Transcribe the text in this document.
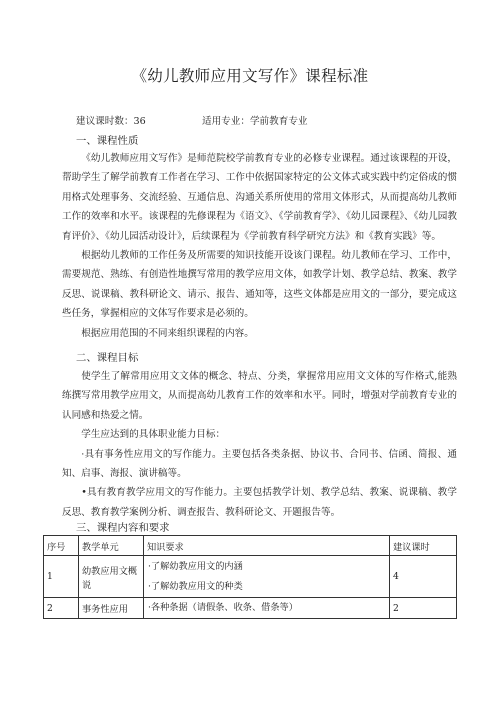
《幼儿教师应用文写作》课程标准
建议课时数：36	适用专业：学前教育专业
一、课程性质

《幼儿教师应用文写作》是师范院校学前教育专业的必修专业课程。通过该课程的开设，帮助学生了解学前教育工作者在学习、工作中依据国家特定的公文体式或实践中约定俗成的惯用格式处理事务、交流经验、互通信息、沟通关系所使用的常用文体形式，从而提高幼儿教师工作的效率和水平。该课程的先修课程为《语文》、《学前教育学》、《幼儿园课程》、《幼儿园教育评价》、《幼儿园活动设计》，后续课程为《学前教育科学研究方法》和《教育实践》等。

根据幼儿教师的工作任务及所需要的知识技能开设该门课程。幼儿教师在学习、工作中，需要规范、熟练、有创造性地撰写常用的教学应用文体，如教学计划、教学总结、教案、教学反思、说课稿、教科研论文、请示、报告、通知等，这些文体都是应用文的一部分，要完成这些任务，掌握相应的文体写作要求是必须的。

根据应用范围的不同来组织课程的内容。

二、课程目标

使学生了解常用应用文文体的概念、特点、分类，掌握常用应用文文体的写作格式,能熟练撰写常用教学应用文，从而提高幼儿教育工作的效率和水平。同时，增强对学前教育专业的认同感和热爱之情。

学生应达到的具体职业能力目标：

·具有事务性应用文的写作能力。主要包括各类条据、协议书、合同书、信函、简报、通知、启事、海报、演讲稿等。

•具有教育教学应用文的写作能力。主要包括教学计划、教学总结、教案、说课稿、教学反思、教育教学案例分析、调查报告、教科研论文、开题报告等。

三、课程内容和要求
序号	教学单元	知识要求	建议课时
1	幼教应用文概说	·了解幼教应用文的内涵
·了解幼教应用文的种类	4
2	事务性应用	·各种条据（请假条、收条、借条等）	2
